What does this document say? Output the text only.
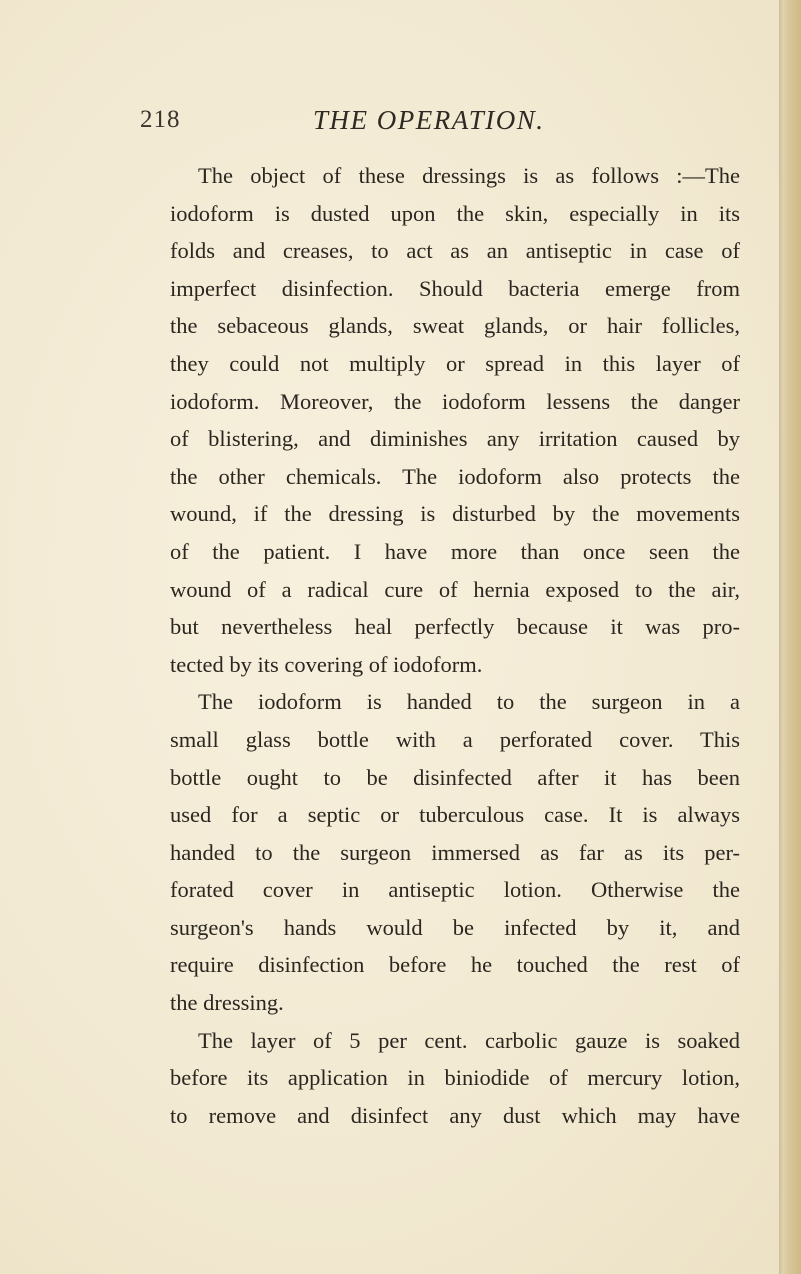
218	THE OPERATION.
The object of these dressings is as follows :—The
iodoform is dusted upon the skin, especially in its
folds and creases, to act as an antiseptic in case of
imperfect disinfection. Should bacteria emerge from
the sebaceous glands, sweat glands, or hair follicles,
they could not multiply or spread in this layer of
iodoform. Moreover, the iodoform lessens the danger
of blistering, and diminishes any irritation caused by
the other chemicals. The iodoform also protects the
wound, if the dressing is disturbed by the movements
of the patient. I have more than once seen the
wound of a radical cure of hernia exposed to the air,
but nevertheless heal perfectly because it was pro-
tected by its covering of iodoform.
The iodoform is handed to the surgeon in a
small glass bottle with a perforated cover. This
bottle ought to be disinfected after it has been
used for a septic or tuberculous case. It is always
handed to the surgeon immersed as far as its per-
forated cover in antiseptic lotion. Otherwise the
surgeon's hands would be infected by it, and
require disinfection before he touched the rest of
the dressing.
The layer of 5 per cent. carbolic gauze is soaked
before its application in biniodide of mercury lotion,
to remove and disinfect any dust which may have
